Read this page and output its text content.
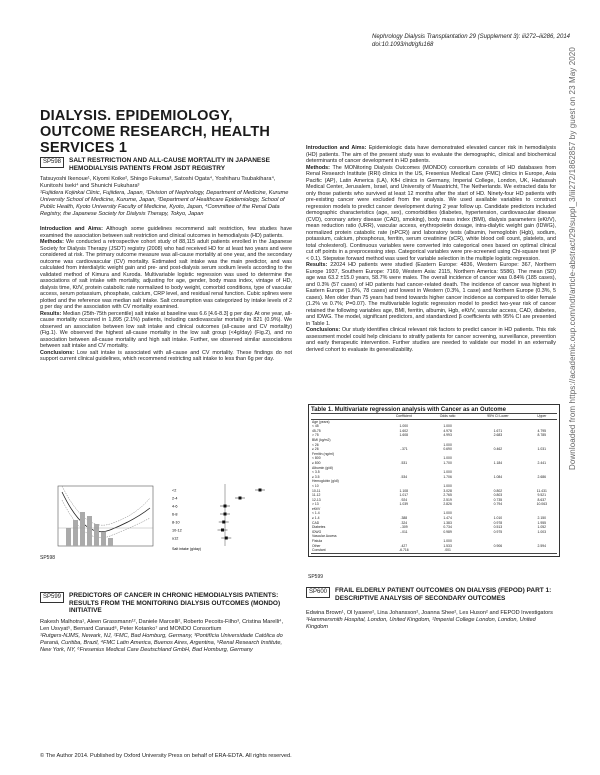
Nephrology Dialysis Transplantation 29 (Supplement 3): iii272–iii286, 2014
doi:10.1093/ndt/gfu168
Downloaded from https://academic.oup.com/ndt/article-abstract/29/suppl_3/iii272/1862857 by guest on 23 May 2020
DIALYSIS. EPIDEMIOLOGY, OUTCOME RESEARCH, HEALTH SERVICES 1
SP598	SALT RESTRICTION AND ALL-CAUSE MORTALITY IN JAPANESE HEMODIALYSIS PATIENTS FROM JSDT REGISTRY
Tatsuyoshi Ikenoue¹, Kiyomi Koike², Shingo Fukuma³, Satoshi Ogata⁴, Yoshiharu Tsubakihara⁴, Kunitoshi Iseki⁴ and Shunichi Fukuhara³
¹Fujiidera Kojinkai Clinic, Fujiidera, Japan, ²Division of Nephrology, Department of Medicine, Kurume University School of Medicine, Kurume, Japan, ³Department of Healthcare Epidemiology, School of Public Health, Kyoto University Faculty of Medicine, Kyoto, Japan, ⁴Committee of the Renal Data Registry, the Japanese Society for Dialysis Therapy, Tokyo, Japan
Introduction and Aims: Although some guidelines recommend salt restriction, few studies have examined the association between salt restriction and clinical outcomes in hemodialysis (HD) patients.
Methods: We conducted a retrospective cohort study of 88,115 adult patients enrolled in the Japanese Society for Dialysis Therapy (JSDT) registry (2008) who had received HD for at least two years and were considered at risk. The primary outcome measure was all-cause mortality at one year, and the secondary outcome was cardiovascular (CV) mortality. Estimated salt intake was the main predictor, and was calculated from interdialytic weight gain and pre- and post-dialysis serum sodium levels according to the validated method of Kimura and Kuroda. Multivariable logistic regression was used to determine the associations of salt intake with mortality, adjusting for age, gender, body mass index, vintage of HD, dialysis time, Kt/V, protein catabolic rate normalized to body weight, comorbid conditions, type of vascular access, serum potassium, phosphate, calcium, CRP level, and residual renal function. Cubic splines were plotted and the reference was median salt intake. Salt consumption was categorized by intake levels of 2 g per day and the association with CV mortality examined.
Results: Median (25th-75th percentile) salt intake at baseline was 6.6 [4.6-8.3] g per day. At one year, all-cause mortality occurred in 1,895 (2.1%) patients, including cardiovascular mortality in 821 (0.9%). We observed an association between low salt intake and clinical outcomes (all-cause and CV mortality) (Fig.1). We observed the highest all-cause mortality in the low salt group (<4g/day) (Fig.2), and no association between all-cause mortality and high salt intake. Further, we observed similar associations between salt intake and CV mortality.
Conclusions: Low salt intake is associated with all-cause and CV mortality. These findings do not support current clinical guidelines, which recommend restricting salt intake to less than 6g per day.
Salt intake (g/day)
<2
2-4
4-6
6-8
8-10
10-12
≥12
SP598
SP599	PREDICTORS OF CANCER IN CHRONIC HEMODIALYSIS PATIENTS: RESULTS FROM THE MONITORING DIALYSIS OUTCOMES (MONDO) INITIATIVE
Rakesh Malhotra¹, Aleen Grassmann¹², Daniele Marcelli², Roberto Pecoits-Filho³, Cristina Marelli⁴, Len Usvyat⁵, Bernard Canaud⁶, Peter Kotanko⁷ and MONDO Consortium
¹Rutgers-NJMS, Newark, NJ, ²FMC, Bad Homburg, Germany, ³Pontifícia Universidade Católica do Paraná, Curitiba, Brazil, ⁴FMC Latin America, Buenos Aires, Argentina, ⁵Renal Research Institute, New York, NY, ⁶Fresenius Medical Care Deutschland GmbH, Bad Homburg, Germany
Introduction and Aims: Epidemiologic data have demonstrated elevated cancer risk in hemodialysis (HD) patients. The aim of the present study was to evaluate the demographic, clinical and biochemical determinants of cancer development in HD patients.
Methods: The MONitoring Dialysis Outcomes (MONDO) consortium consists of HD databases from Renal Research Institute (RRI) clinics in the US, Fresenius Medical Care (FMC) clinics in Europe, Asia Pacific (AP), Latin America (LA), KfH clinics in Germany, Imperial College, London, UK, Hadassah Medical Center, Jerusalem, Israel, and University of Maastricht, The Netherlands. We extracted data for only those patients who survived at least 12 months after the start of HD. Ninety-four HD patients with pre-existing cancer were excluded from the analysis. We used available variables to construct regression models to predict cancer development during 2 year follow up. Candidate predictors included demographic characteristics (age, sex), comorbidities (diabetes, hypertension, cardiovascular disease (CVD), coronary artery disease (CAD), smoking), body mass index (BMI), dialysis parameters (eKt/V), mean reduction ratio (URR), vascular access, erythropoietin dosage, intra-dialytic weight gain (IDWG), normalized protein catabolic rate (nPCR)) and laboratory tests (albumin, hemoglobin (Hgb), sodium, potassium, calcium, phosphorus, ferritin, serum creatinine (sCR), white blood cell count, platelets, and total cholesterol). Continuous variables were converted into categorical ones based on optimal clinical cut off points in a preprocessing step. Categorical variables were pre-screened using Chi-square test (P < 0.1). Stepwise forward method was used for variable selection in the multiple logistic regression.
Results: 22024 HD patients were studied (Eastern Europe: 4836, Western Europe: 367, Northern Europe 1937, Southern Europe: 7169, Western Asia: 2115, Northern America: 5586). The mean (SD) age was 63.2 ±15.0 years, 58.7% were males. The overall incidence of cancer was 0.84% (185 cases), and 0.3% (57 cases) of HD patients had cancer-related death. The incidence of cancer was highest in Eastern Europe (1.6%, 78 cases) and lowest in Western (0.3%, 1 case) and Northern Europe (0.3%, 5 cases). Men older than 75 years had trend towards higher cancer incidence as compared to older female (1.2% vs 0.7%; P=0.07). The multivariable logistic regression model to predict two-year risk of cancer retained the following variables age, BMI, ferritin, albumin, Hgb, eKt/V, vascular access, CAD, diabetes, and IDWG. The model, significant predictors, and standardized β coefficients with 95% CI are presented in Table 1.
Conclusions: Our study identifies clinical relevant risk factors to predict cancer in HD patients. This risk assessment model could help clinicians to stratify patients for cancer screening, surveillance, prevention and early therapeutic intervention. Further studies are needed to validate our model in an externally derived cohort to evaluate its generalizability.
Table 1. Multivariate regression analysis with Cancer as an Outcome
	Coefficient	Odds ratio	95% CI Lower	Upper
Age (years)				
< 45	1.000	1.000		
45-75	1.602	4.978	1.671	4.795
> 75	1.608	4.993	2.683	8.785
BMI (kg/m2)				
< 26		1.000		
≥ 26	-.371	0.690	0.462	1.031
Ferritin (ng/ml)				
< 800		1.000		
≥ 800	.531	1.700	1.184	2.441
Albumin (g/dl)				
< 3.5		1.000		
≥ 3.5	.534	1.706	1.084	2.686
Hemoglobin (g/dl)				
< 10		1.000		
10-11	1.108	3.028	0.802	11.431
11-12	1.017	2.765	0.803	9.521
12-13	.924	2.519	0.735	8.637
> 13	1.039	2.826	0.794	10.063
eKt/V				
< 1.4		1.000		
≥ 1.4	.388	1.474	1.010	2.150
CAD	.324	1.383	0.978	1.955
Diabetes	-.309	0.734	0.513	1.052
IDWG	-.011	0.989	0.975	1.003
Vascular Access				
Fistula		1.000		
Other	.427	1.533	0.906	2.594
Constant	-6.716	.001		
SP599
SP600	FRAIL ELDERLY PATIENT OUTCOMES ON DIALYSIS (FEPOD) PART 1: DESCRIPTIVE ANALYSIS OF SECONDARY OUTCOMES
Edwina Brown¹, Ol Iyasere², Lina Johansson², Joanna Shee², Les Huson² and FEPOD Investigators
¹Hammersmith Hospital, London, United Kingdom, ²Imperial College London, London, United Kingdom
© The Author 2014. Published by Oxford University Press on behalf of ERA-EDTA. All rights reserved.
